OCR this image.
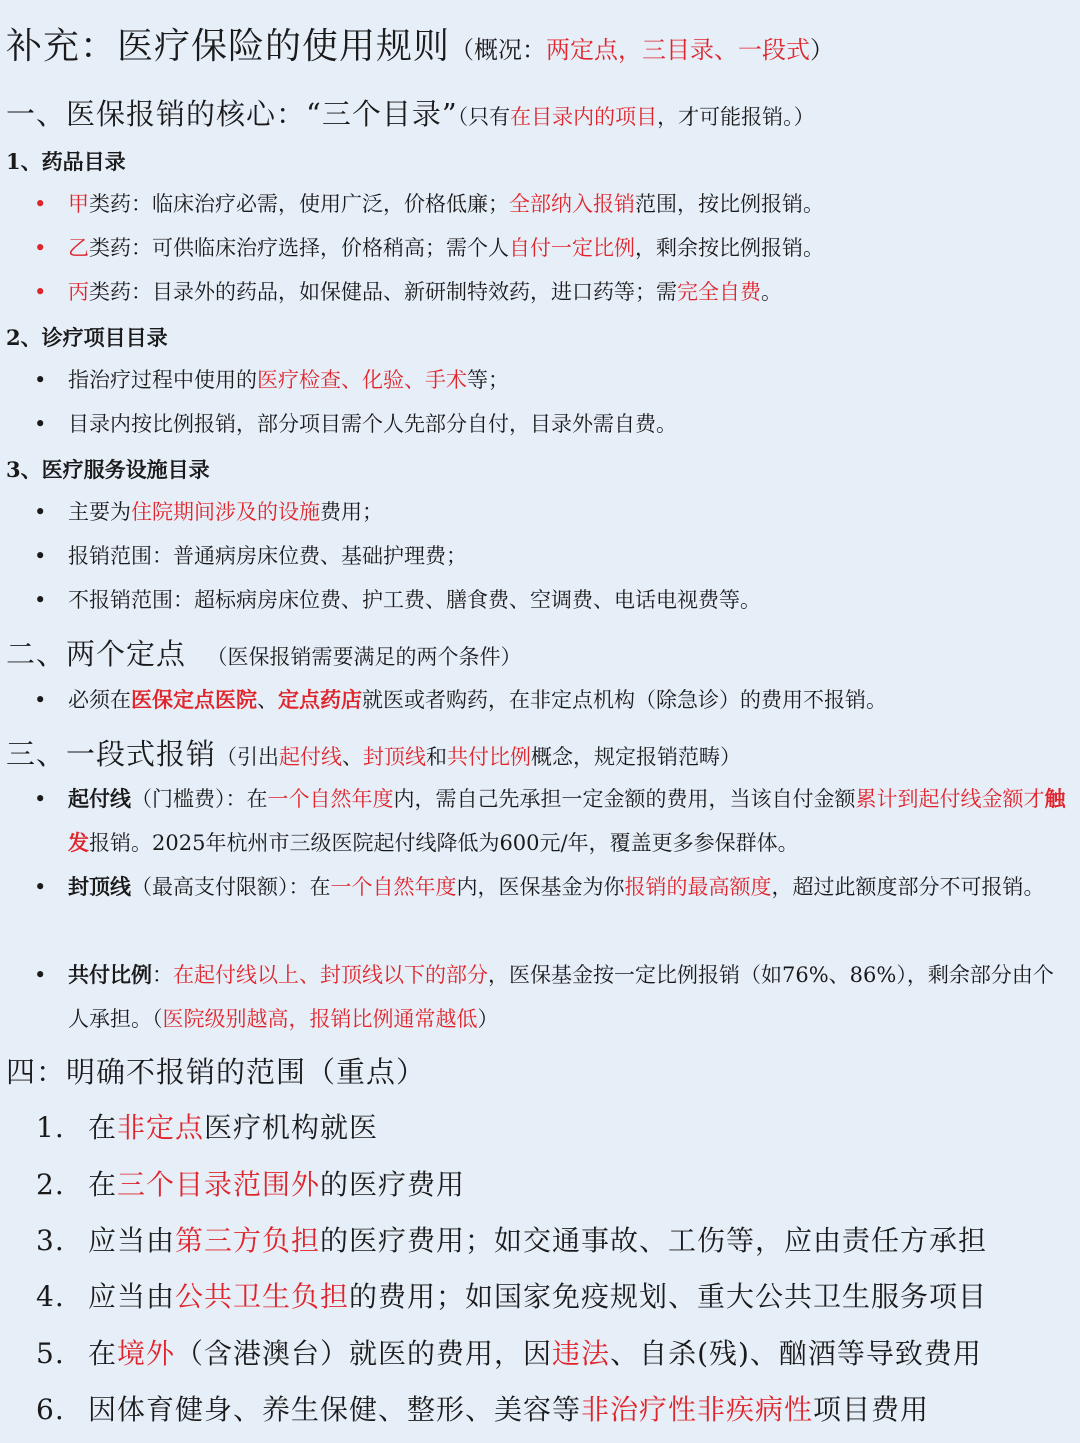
补充：医疗保险的使用规则（概况：两定点，三目录、一段式）
一、医保报销的核心：“三个目录”（只有在目录内的项目，才可能报销。）
1、药品目录
• 甲类药：临床治疗必需，使用广泛，价格低廉；全部纳入报销范围，按比例报销。
• 乙类药：可供临床治疗选择，价格稍高；需个人自付一定比例，剩余按比例报销。
• 丙类药：目录外的药品，如保健品、新研制特效药，进口药等；需完全自费。
2、诊疗项目目录
• 指治疗过程中使用的医疗检查、化验、手术等；
• 目录内按比例报销，部分项目需个人先部分自付，目录外需自费。
3、医疗服务设施目录
• 主要为住院期间涉及的设施费用；
• 报销范围：普通病房床位费、基础护理费；
• 不报销范围：超标病房床位费、护工费、膳食费、空调费、电话电视费等。
二、两个定点 （医保报销需要满足的两个条件）
• 必须在医保定点医院、定点药店就医或者购药，在非定点机构（除急诊）的费用不报销。
三、一段式报销（引出起付线、封顶线和共付比例概念，规定报销范畴）
•	起付线（门槛费）：在一个自然年度内，需自己先承担一定金额的费用，当该自付金额累计到起付线金额才触发报销。2025年杭州市三级医院起付线降低为600元/年，覆盖更多参保群体。
•	封顶线（最高支付限额）：在一个自然年度内，医保基金为你报销的最高额度，超过此额度部分不可报销。
•	共付比例：在起付线以上、封顶线以下的部分，医保基金按一定比例报销（如76%、86%），剩余部分由个人承担。（医院级别越高，报销比例通常越低）
四：明确不报销的范围（重点）
1. 在非定点医疗机构就医
2. 在三个目录范围外的医疗费用
3. 应当由第三方负担的医疗费用；如交通事故、工伤等，应由责任方承担
4. 应当由公共卫生负担的费用；如国家免疫规划、重大公共卫生服务项目
5. 在境外（含港澳台）就医的费用，因违法、自杀(残)、酗酒等导致费用
6. 因体育健身、养生保健、整形、美容等非治疗性非疾病性项目费用
